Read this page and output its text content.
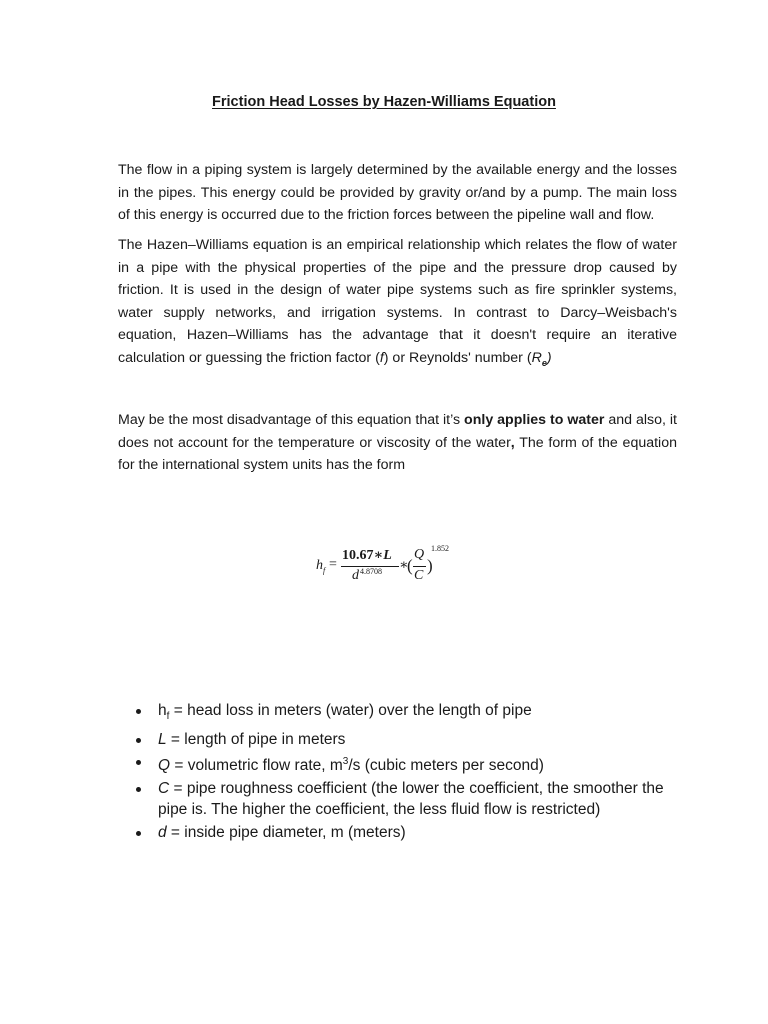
Friction Head Losses by Hazen-Williams Equation

The flow in a piping system is largely determined by the available energy and the losses in the pipes. This energy could be provided by gravity or/and by a pump. The main loss of this energy is occurred due to the friction forces between the pipeline wall and flow.

The Hazen–Williams equation is an empirical relationship which relates the flow of water in a pipe with the physical properties of the pipe and the pressure drop caused by friction. It is used in the design of water pipe systems such as fire sprinkler systems, water supply networks, and irrigation systems. In contrast to Darcy–Weisbach's equation, Hazen–Williams has the advantage that it doesn't require an iterative calculation or guessing the friction factor (f) or Reynolds' number $(R_e)$

May be the most disadvantage of this equation that it’s only applies to water and also, it does not account for the temperature or viscosity of the water, The form of the equation for the international system units has the form

$h_f$ =
10.67∗L
d 4.8708 ∗
(
Q
C
)
1.852
$h_f$ = head loss in meters (water) over the length of pipe
L = length of pipe in meters
Q = volumetric flow rate, $m^3/s$ (cubic meters per second)
C = pipe roughness coefficient (the lower the coefficient, the smoother the pipe is. The higher the coefficient, the less fluid flow is restricted)
d = inside pipe diameter, m (meters)
